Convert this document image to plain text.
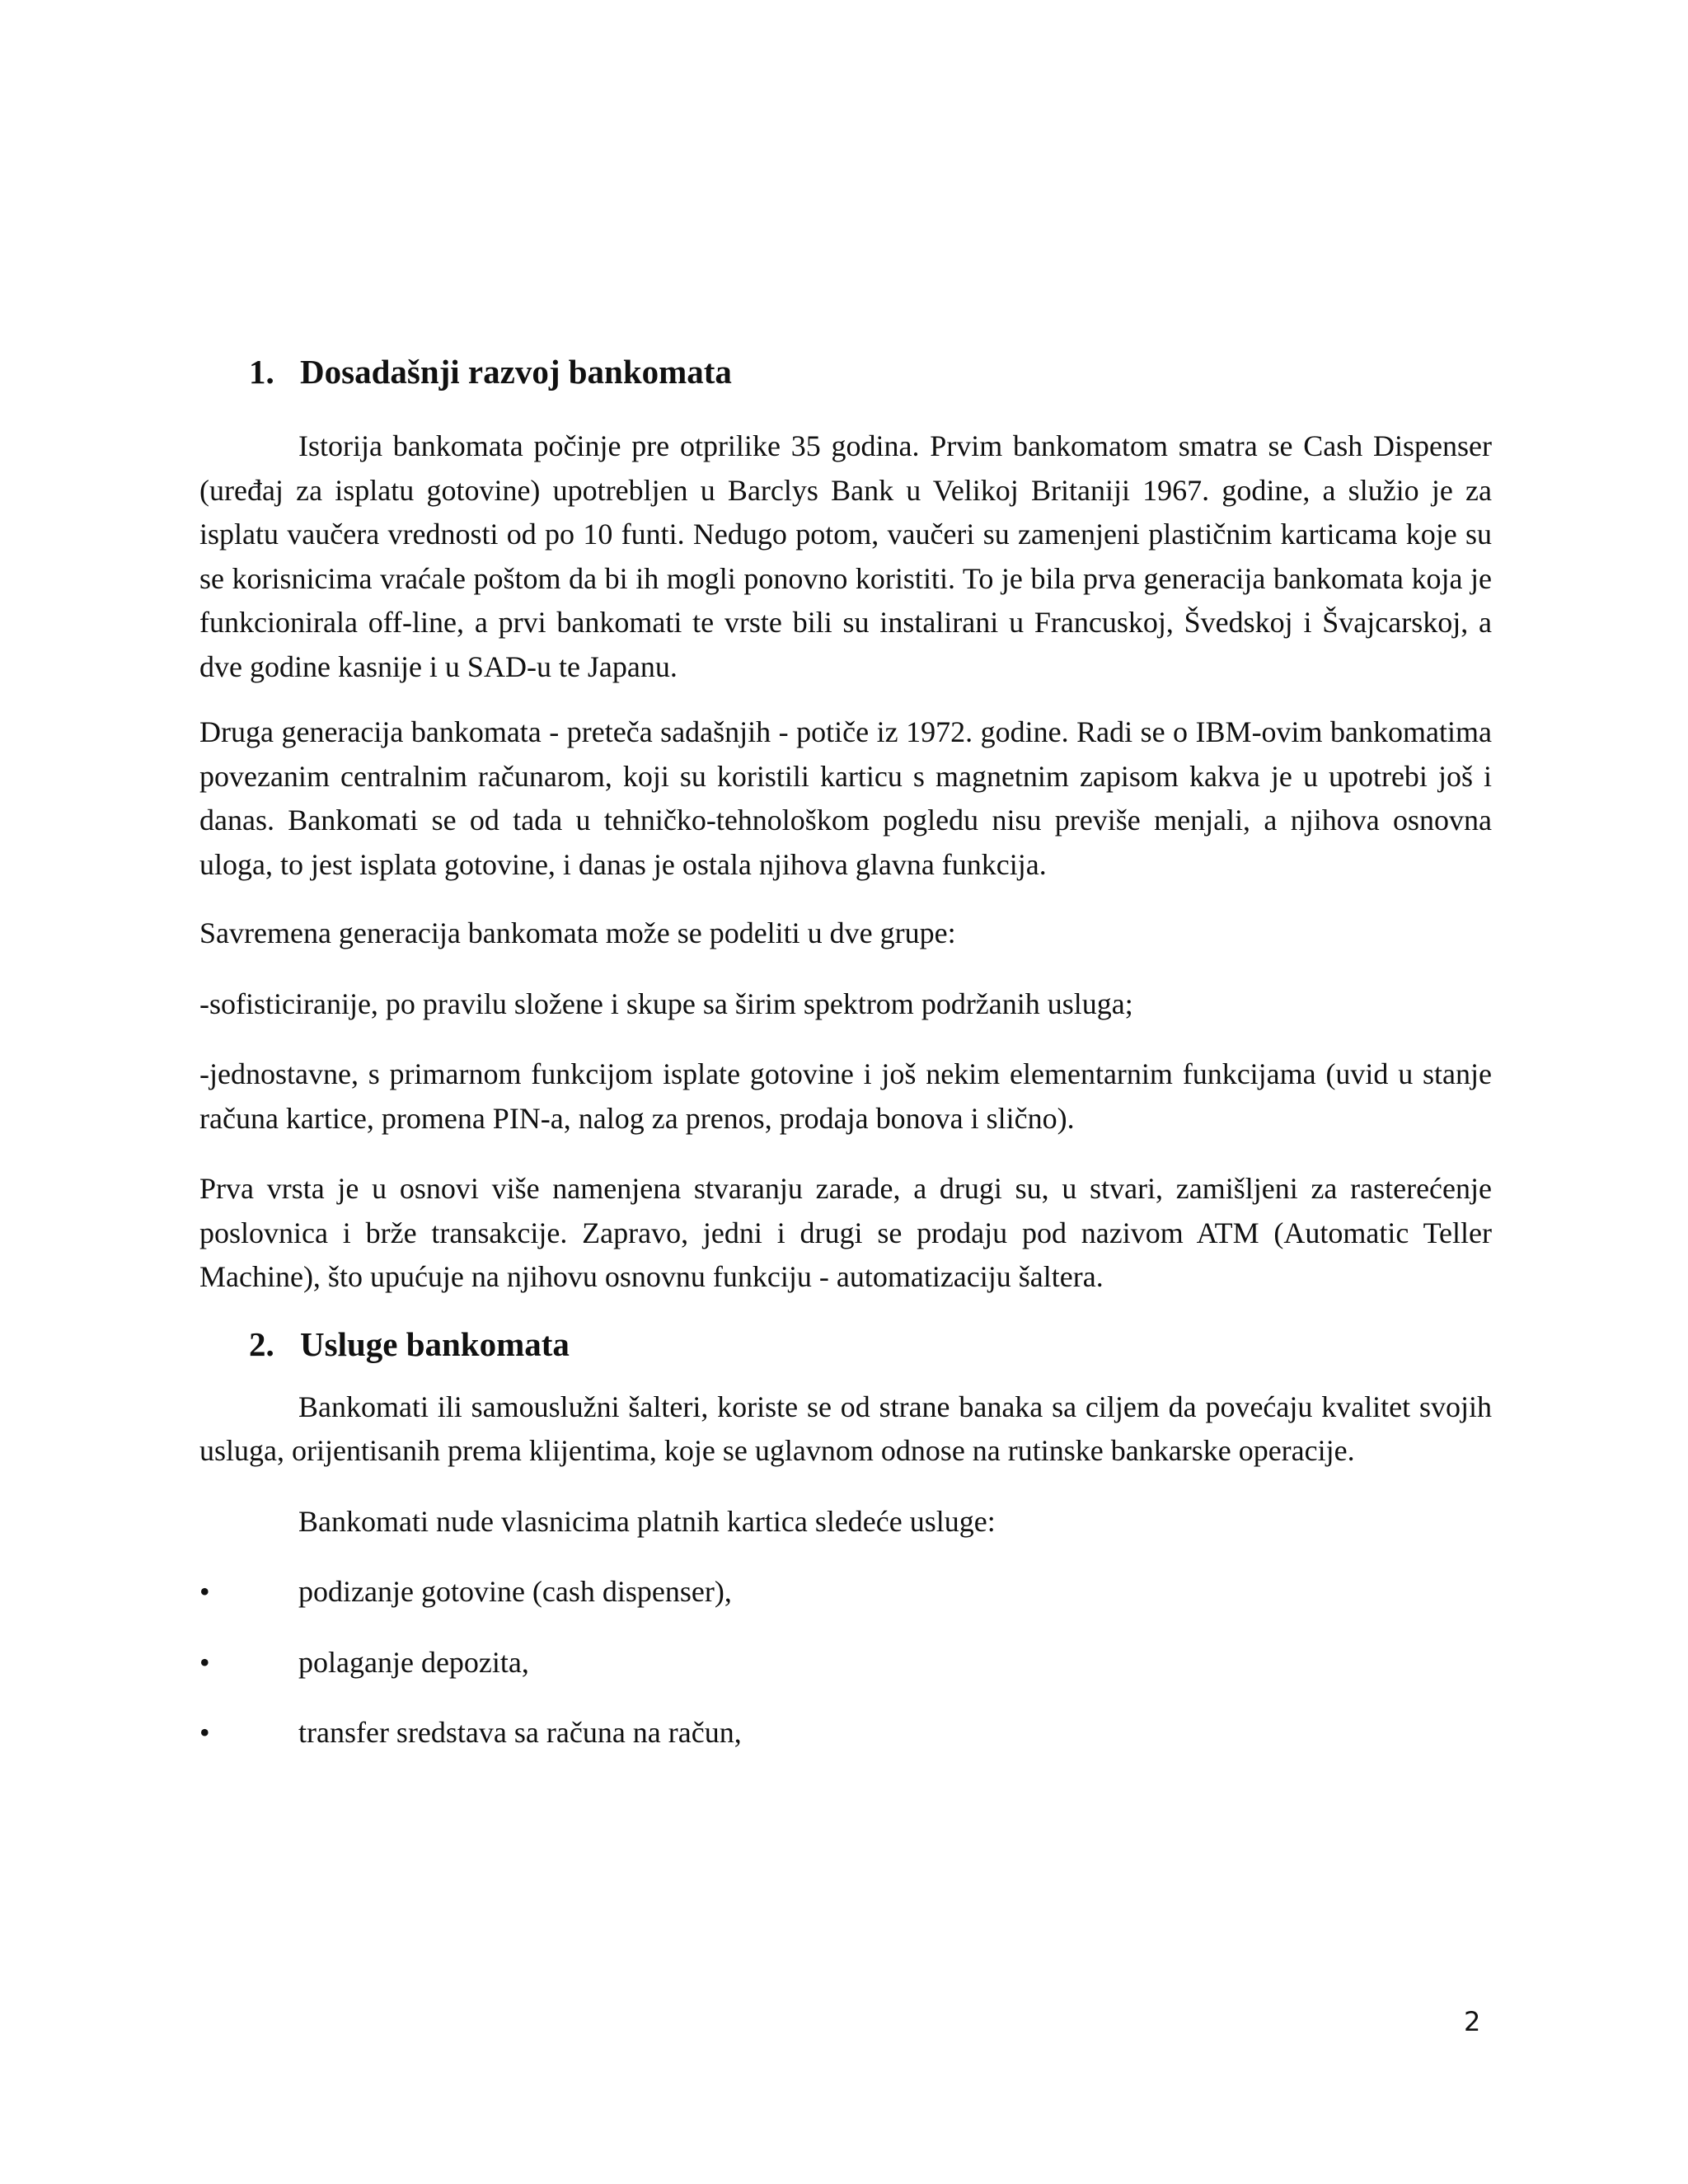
1. Dosadašnji razvoj bankomata

Istorija bankomata počinje pre otprilike 35 godina. Prvim bankomatom smatra se Cash Dispenser (uređaj za isplatu gotovine) upotrebljen u Barclys Bank u Velikoj Britaniji 1967. godine, a služio je za isplatu vaučera vrednosti od po 10 funti. Nedugo potom, vaučeri su zamenjeni plastičnim karticama koje su se korisnicima vraćale poštom da bi ih mogli ponovno koristiti. To je bila prva generacija bankomata koja je funkcionirala off-line, a prvi bankomati te vrste bili su instalirani u Francuskoj, Švedskoj i Švajcarskoj, a dve godine kasnije i u SAD-u te Japanu.

Druga generacija bankomata - preteča sadašnjih - potiče iz 1972. godine. Radi se o IBM-ovim bankomatima povezanim centralnim računarom, koji su koristili karticu s magnetnim zapisom kakva je u upotrebi još i danas. Bankomati se od tada u tehničko-tehnološkom pogledu nisu previše menjali, a njihova osnovna uloga, to jest isplata gotovine, i danas je ostala njihova glavna funkcija.

Savremena generacija bankomata može se podeliti u dve grupe:

-sofisticiranije, po pravilu složene i skupe sa širim spektrom podržanih usluga;

-jednostavne, s primarnom funkcijom isplate gotovine i još nekim elementarnim funkcijama (uvid u stanje računa kartice, promena PIN-a, nalog za prenos, prodaja bonova i slično).

Prva vrsta je u osnovi više namenjena stvaranju zarade, a drugi su, u stvari, zamišljeni za rasterećenje poslovnica i brže transakcije. Zapravo, jedni i drugi se prodaju pod nazivom ATM (Automatic Teller Machine), što upućuje na njihovu osnovnu funkciju - automatizaciju šaltera.

2. Usluge bankomata

Bankomati ili samouslužni šalteri, koriste se od strane banaka sa ciljem da povećaju kvalitet svojih usluga, orijentisanih prema klijentima, koje se uglavnom odnose na rutinske bankarske operacije.

Bankomati nude vlasnicima platnih kartica sledeće usluge:

•	podizanje gotovine (cash dispenser),
•	polaganje depozita,
•	transfer sredstava sa računa na račun,
2
